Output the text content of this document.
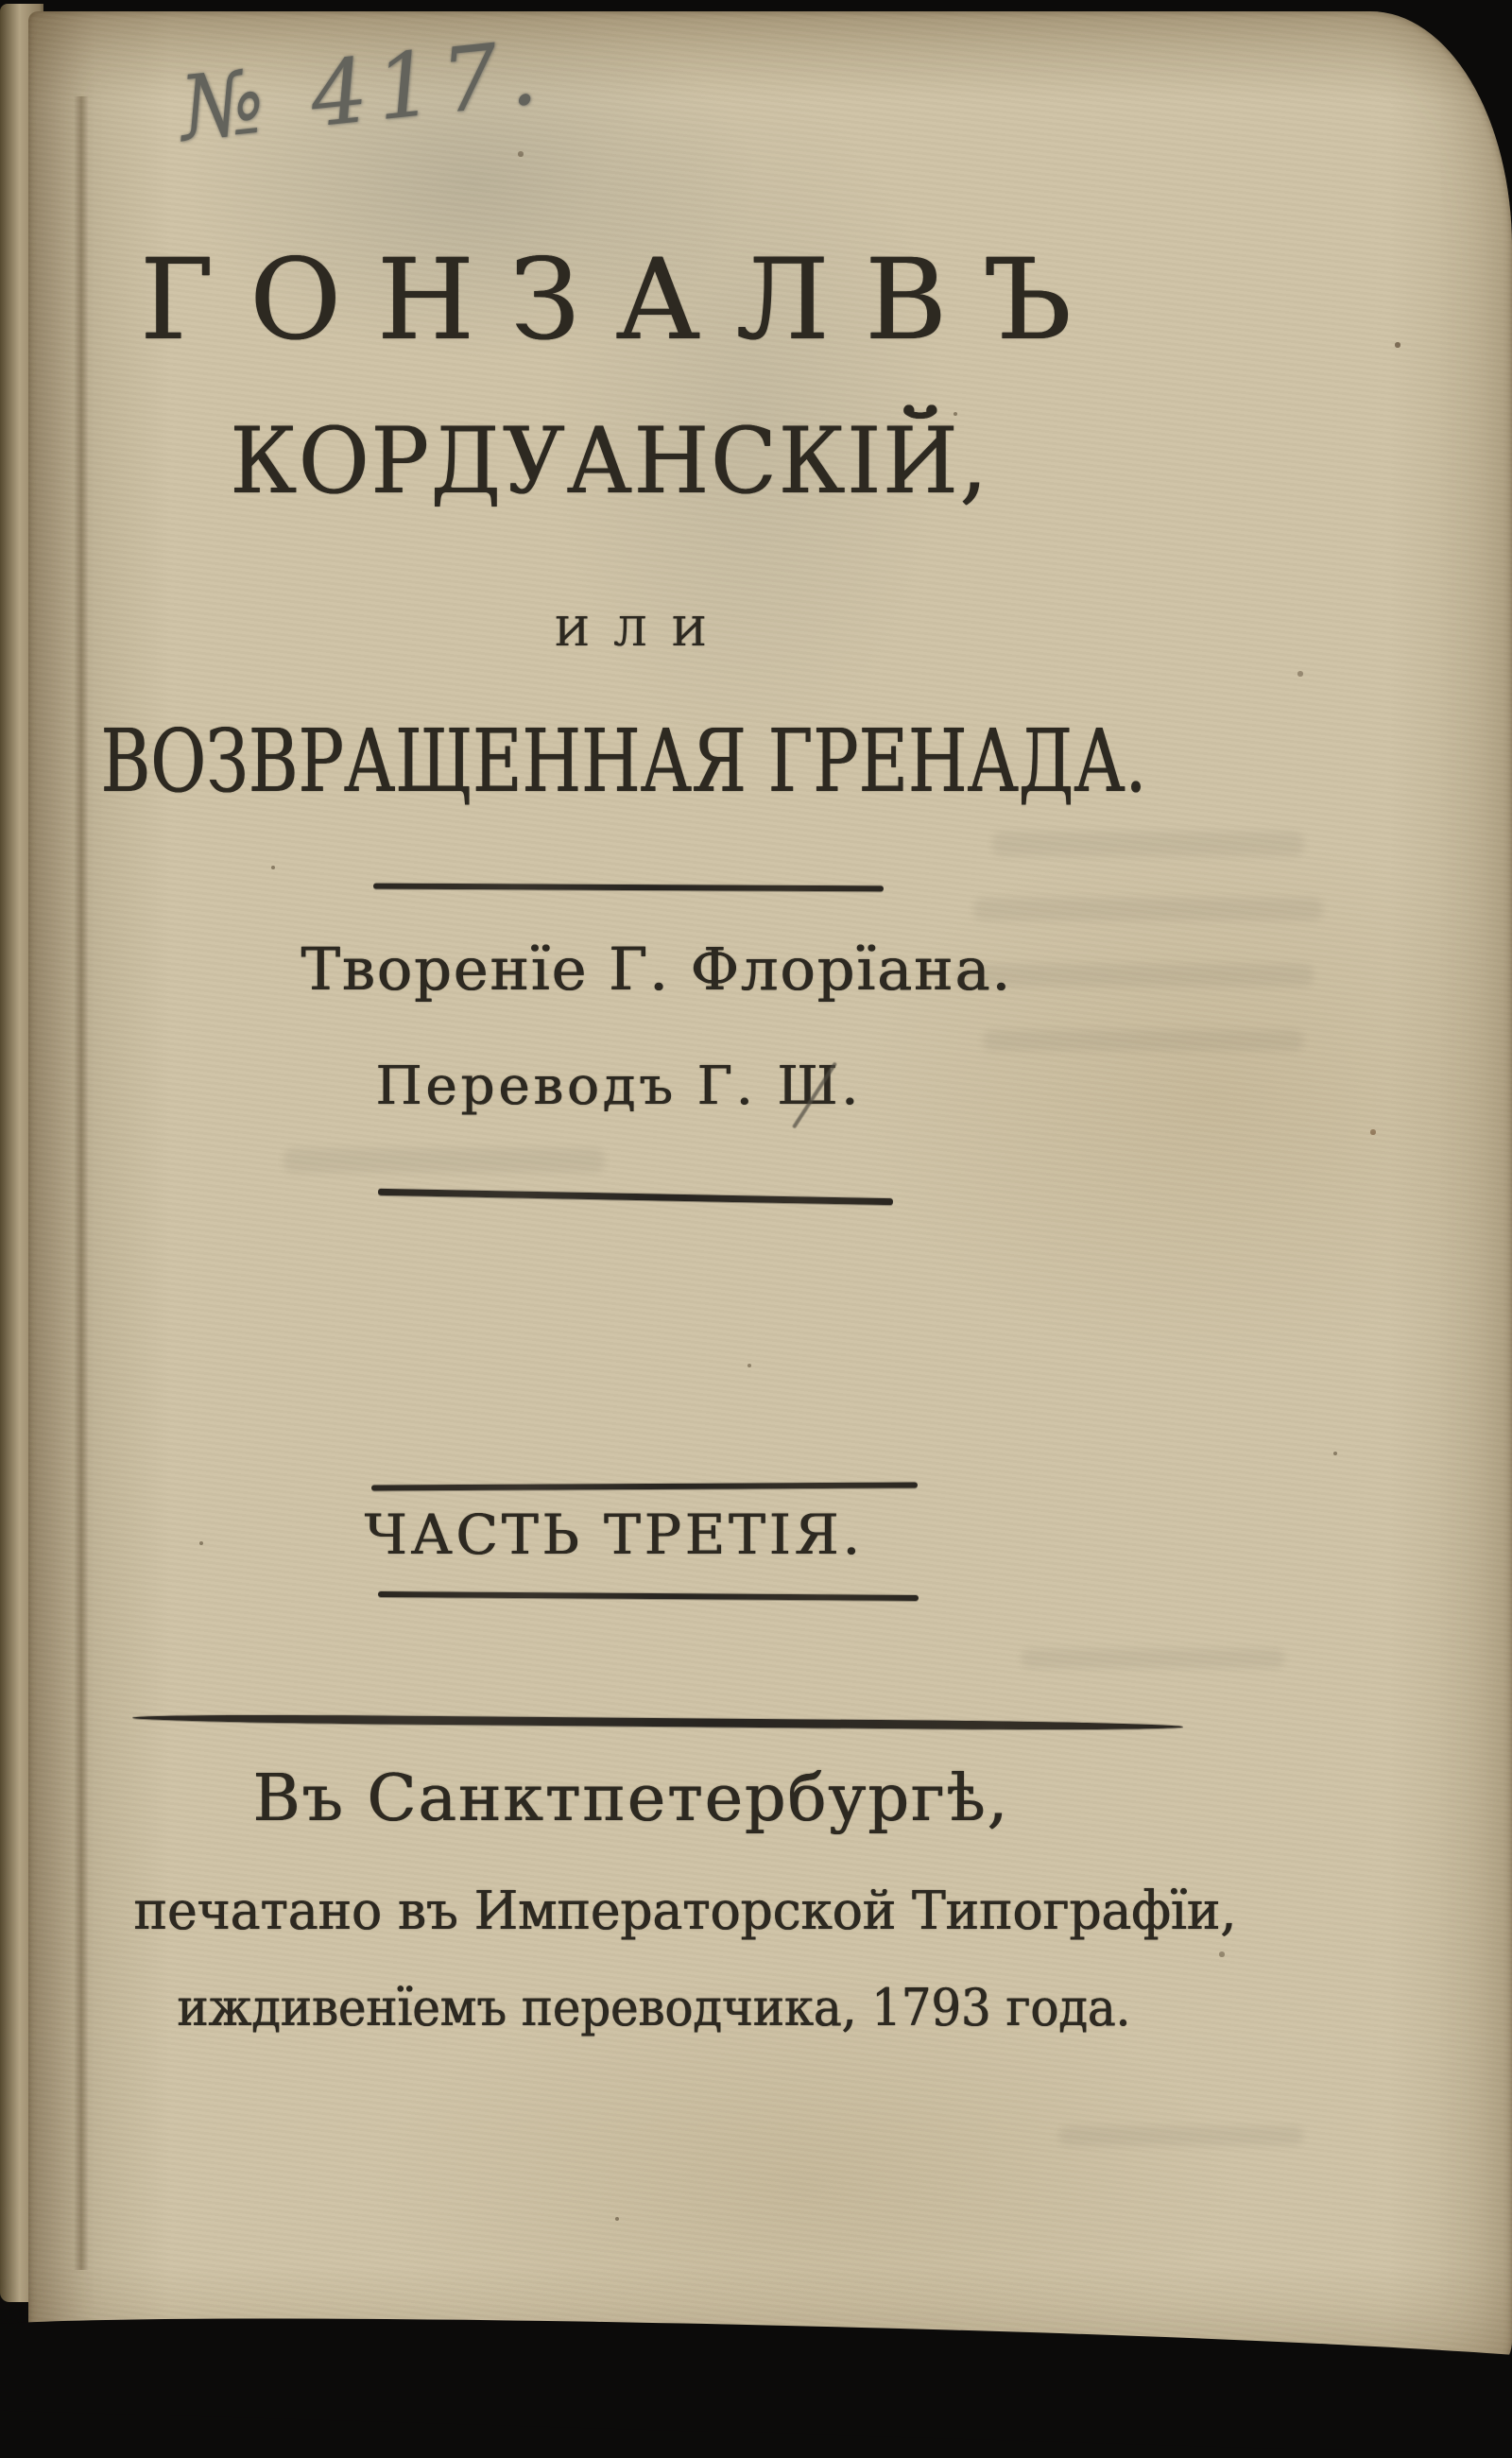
№ 417.
ГОНЗАЛВЪ
КОРДУАНСКІЙ,
ИЛИ
ВОЗВРАЩЕННАЯ ГРЕНАДА.
Творенїе Г. Флорїана.
Переводъ Г. Ш.
ЧАСТЬ ТРЕТІЯ.
Въ Санктпетербургѣ,
печатано въ Императорской Типографїи,
иждивенїемъ переводчика, 1793 года.
